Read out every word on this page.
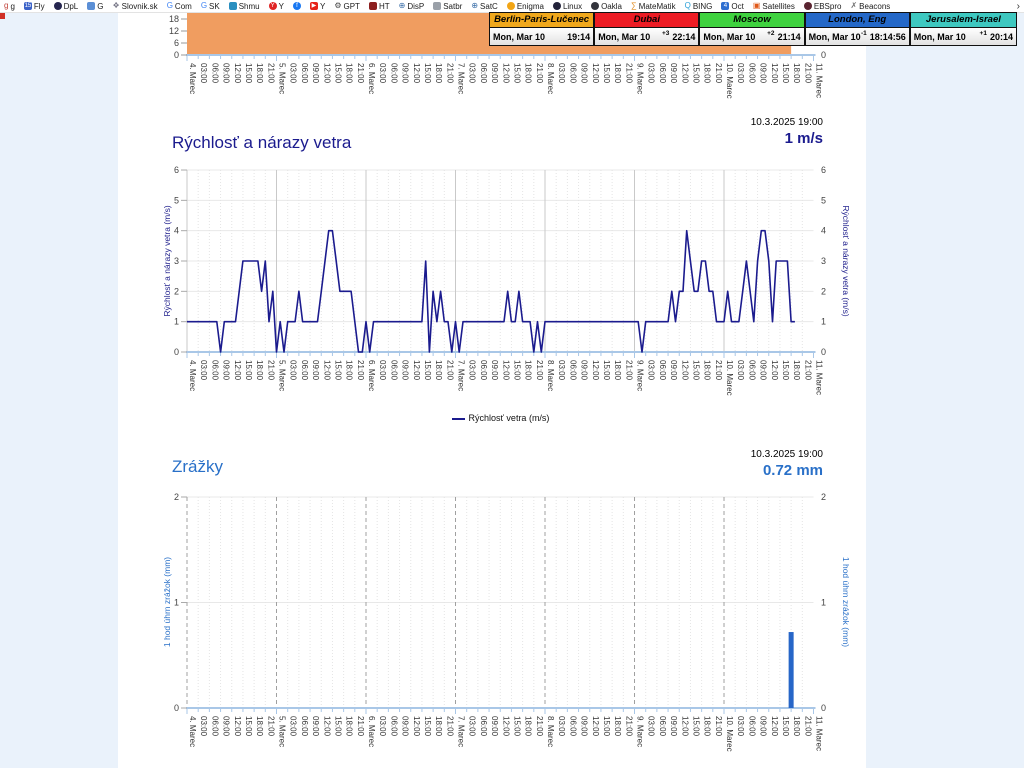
4. Marec 03:00 06:00 09:00 12:00 15:00 18:00 21:00 5. Marec 03:00 06:00 09:00 12:00 15:00 18:00 21:00 6. Marec 03:00 06:00 09:00 12:00 15:00 18:00 21:00 7. Marec 03:00 06:00 09:00 12:00 15:00 18:00 21:00 8. Marec 03:00 06:00 09:00 12:00 15:00 18:00 21:00 9. Marec 03:00 06:00 09:00 12:00 15:00 18:00 21:00 10. Marec 03:00 06:00 09:00 12:00 15:00 18:00 21:00 11. Marec
18
12
6
0	0
10.3.2025 19:00
1 m/s
Rýchlosť a nárazy vetra
4. Marec 03:00 06:00 09:00 12:00 15:00 18:00 21:00 5. Marec 03:00 06:00 09:00 12:00 15:00 18:00 21:00 6. Marec 03:00 06:00 09:00 12:00 15:00 18:00 21:00 7. Marec 03:00 06:00 09:00 12:00 15:00 18:00 21:00 8. Marec 03:00 06:00 09:00 12:00 15:00 18:00 21:00 9. Marec 03:00 06:00 09:00 12:00 15:00 18:00 21:00 10. Marec 03:00 06:00 09:00 12:00 15:00 18:00 21:00 11. Marec
0	0
1	1
2	2
3	3
4	4
5	5
6	6
Rýchlosť a nárazy vetra (m/s)	Rýchlosť a nárazy vetra (m/s)
Rýchlosť vetra (m/s)
10.3.2025 19:00
0.72 mm
Zrážky
4. Marec 03:00 06:00 09:00 12:00 15:00 18:00 21:00 5. Marec 03:00 06:00 09:00 12:00 15:00 18:00 21:00 6. Marec 03:00 06:00 09:00 12:00 15:00 18:00 21:00 7. Marec 03:00 06:00 09:00 12:00 15:00 18:00 21:00 8. Marec 03:00 06:00 09:00 12:00 15:00 18:00 21:00 9. Marec 03:00 06:00 09:00 12:00 15:00 18:00 21:00 10. Marec 03:00 06:00 09:00 12:00 15:00 18:00 21:00 11. Marec
0	0
1	1
2	2
1 hod úhrn zrážok (mm)	1 hod úhrn zrážok (mm)
Berlin-Paris-Lučenec
Mon, Mar 10 19:14
Dubai
Mon, Mar 10 +3 22:14
Moscow
Mon, Mar 10 +2 21:14
London, Eng
Mon, Mar 10 -1 18:14:56
Jerusalem-Israel
Mon, Mar 10 +1 20:14
g g 15 Fly DpL G ❖ Slovnik.sk G Com G SK Shmu	Y Y	f	▶ Y ⚙ GPT HT ⊕ DisP Satbr ⊕ SatC Enigma Linux Oakla ∑ MateMatik Q BING	4 Oct ▣ Satellites EBSpro ✗ Beacons	›
